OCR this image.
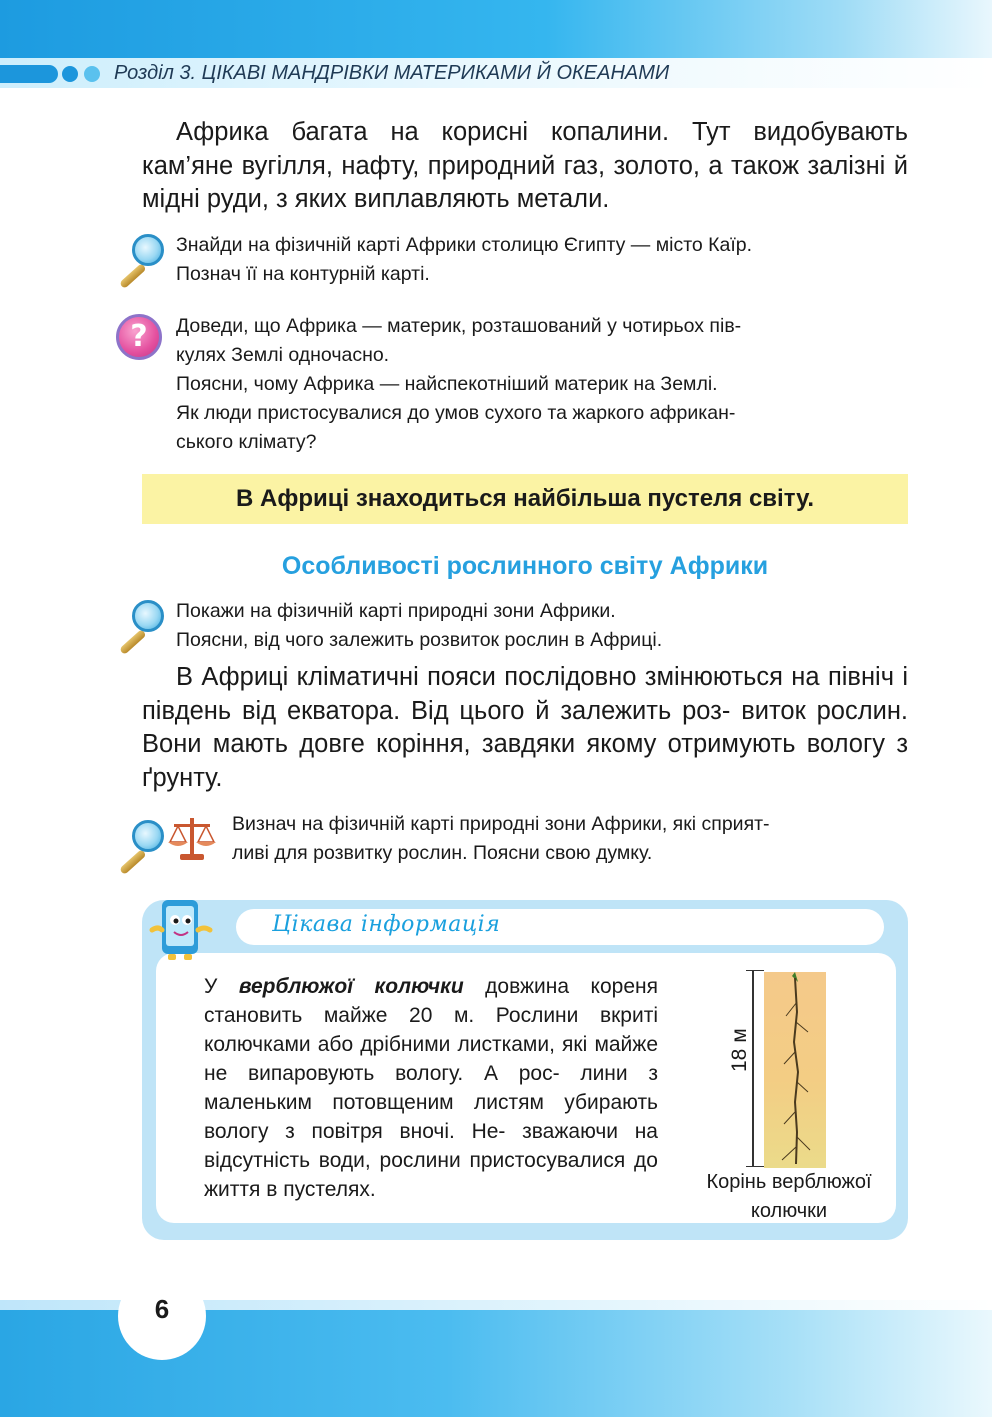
Розділ 3. ЦІКАВІ МАНДРІВКИ МАТЕРИКАМИ Й ОКЕАНАМИ
Африка багата на корисні копалини. Тут видобувають кам’яне вугілля, нафту, природний газ, золото, а також залізні й мідні руди, з яких виплавляють метали.
Знайди на фізичній карті Африки столицю Єгипту — місто Каїр.
Познач її на контурній карті.
?	Доведи, що Африка — материк, розташований у чотирьох пів-
кулях Землі одночасно.
Поясни, чому Африка — найспекотніший материк на Землі.
Як люди пристосувалися до умов сухого та жаркого африкан-
ського клімату?
В Африці знаходиться найбільша пустеля світу.
Особливості рослинного світу Африки
Покажи на фізичній карті природні зони Африки.
Поясни, від чого залежить розвиток рослин в Африці.
В Африці кліматичні пояси послідовно змінюються на північ і південь від екватора. Від цього й залежить роз- виток рослин. Вони мають довге коріння, завдяки якому отримують вологу з ґрунту.
Визнач на фізичній карті природні зони Африки, які сприят-
ливі для розвитку рослин. Поясни свою думку.
Цікава інформація
У верблюжої колючки довжина кореня становить майже 20 м. Рослини вкриті колючками або дрібними листками, які майже не випаровують вологу. А рос- лини з маленьким потовщеним листям убирають вологу з повітря вночі. Не- зважаючи на відсутність води, рослини пристосувалися до життя в пустелях.
18 м
Корінь верблюжої
колючки
6
